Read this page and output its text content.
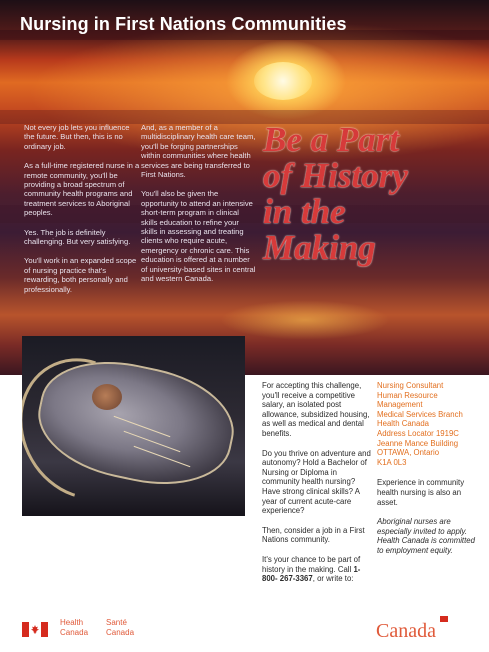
Nursing in First Nations Communities

Not every job lets you influence the future. But then, this is no ordinary job.

As a full-time registered nurse in a remote community, you'll be providing a broad spectrum of community health programs and treatment services to Aboriginal peoples.

Yes. The job is definitely challenging. But very satisfying.

You'll work in an expanded scope of nursing practice that's rewarding, both personally and professionally.

And, as a member of a multidisciplinary health care team, you'll be forging partnerships within communities where health services are being transferred to First Nations.

You'll also be given the opportunity to attend an intensive short-term program in clinical skills education to refine your skills in assessing and treating clients who require acute, emergency or chronic care. This education is offered at a number of university-based sites in central and western Canada.

Be a Part
of History
in the
Making

For accepting this challenge, you'll receive a competitive salary, an isolated post allowance, subsidized housing, as well as medical and dental benefits.

Do you thrive on adventure and autonomy? Hold a Bachelor of Nursing or Diploma in community health nursing? Have strong clinical skills? A year of current acute-care experience?

Then, consider a job in a First Nations community.

It's your chance to be part of history in the making. Call 1-800- 267-3367, or write to:

Nursing Consultant

Human Resource

Management

Medical Services Branch

Health Canada

Address Locator 1919C

Jeanne Mance Building

OTTAWA, Ontario

K1A 0L3

Experience in community health nursing is also an asset.

Aboriginal nurses are especially invited to apply. Health Canada is committed to employment equity.

Health
Canada
Santé
Canada	Canada
